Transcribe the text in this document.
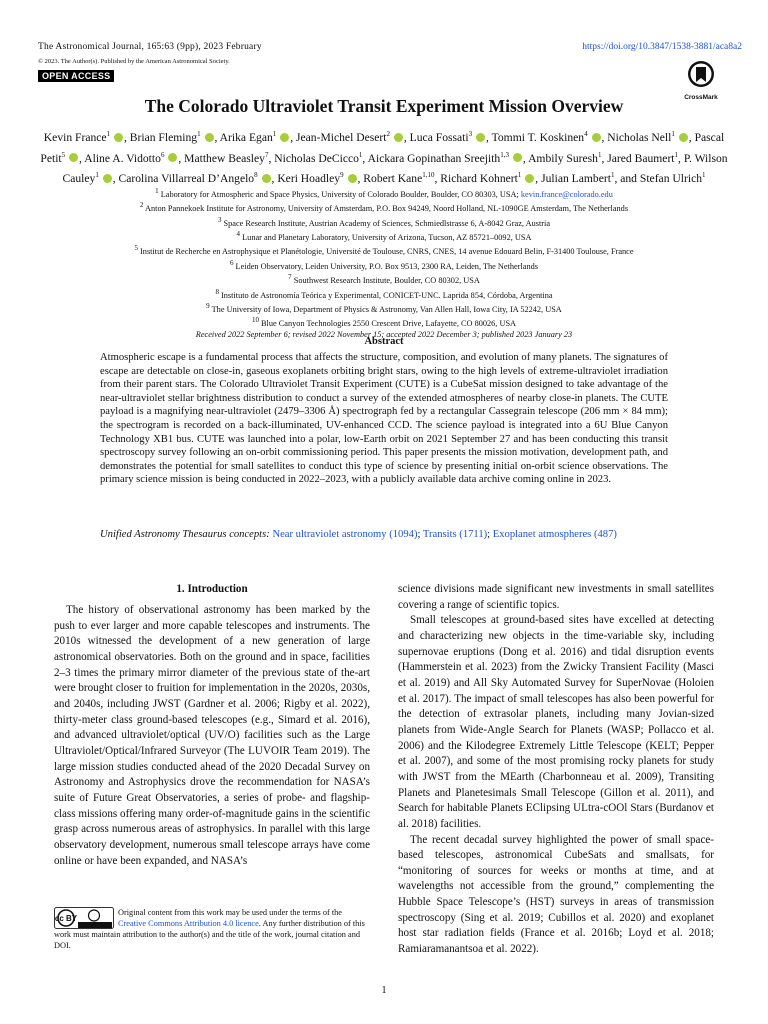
The Astronomical Journal, 165:63 (9pp), 2023 February
© 2023. The Author(s). Published by the American Astronomical Society.
https://doi.org/10.3847/1538-3881/aca8a2
OPEN ACCESS
CrossMark
The Colorado Ultraviolet Transit Experiment Mission Overview
Kevin France$^1$ , Brian Fleming$^1$ , Arika Egan$^1$ , Jean-Michel Desert$^2$ , Luca Fossati$^3$ , Tommi T. Koskinen$^4$ , Nicholas Nell$^1$ , Pascal Petit$^5$ , Aline A. Vidotto$^6$ , Matthew Beasley$^7$, Nicholas DeCicco$^1$, Aickara Gopinathan Sreejith$^{1,3}$ , Ambily Suresh$^1$, Jared Baumert$^1$, P. Wilson Cauley$^1$ , Carolina Villarreal D’Angelo$^8$ , Keri Hoadley$^9$ , Robert Kane$^{1,10}$, Richard Kohnert$^1$ , Julian Lambert$^1$, and Stefan Ulrich$^1$
$^1$ Laboratory for Atmospheric and Space Physics, University of Colorado Boulder, Boulder, CO 80303, USA; kevin.france@colorado.edu
$^2$ Anton Pannekoek Institute for Astronomy, University of Amsterdam, P.O. Box 94249, Noord Holland, NL-1090GE Amsterdam, The Netherlands
$^3$ Space Research Institute, Austrian Academy of Sciences, Schmiedlstrasse 6, A-8042 Graz, Austria
$^4$ Lunar and Planetary Laboratory, University of Arizona, Tucson, AZ 85721–0092, USA
$^5$ Institut de Recherche en Astrophysique et Planétologie, Université de Toulouse, CNRS, CNES, 14 avenue Edouard Belin, F-31400 Toulouse, France
$^6$ Leiden Observatory, Leiden University, P.O. Box 9513, 2300 RA, Leiden, The Netherlands
$^7$ Southwest Research Institute, Boulder, CO 80302, USA
$^8$ Instituto de Astronomía Teórica y Experimental, CONICET-UNC. Laprida 854, Córdoba, Argentina
$^9$ The University of Iowa, Department of Physics & Astronomy, Van Allen Hall, Iowa City, IA 52242, USA
$^{10}$ Blue Canyon Technologies 2550 Crescent Drive, Lafayette, CO 80026, USA
Received 2022 September 6; revised 2022 November 15; accepted 2022 December 3; published 2023 January 23
Abstract
Atmospheric escape is a fundamental process that affects the structure, composition, and evolution of many planets. The signatures of escape are detectable on close-in, gaseous exoplanets orbiting bright stars, owing to the high levels of extreme-ultraviolet irradiation from their parent stars. The Colorado Ultraviolet Transit Experiment (CUTE) is a CubeSat mission designed to take advantage of the near-ultraviolet stellar brightness distribution to conduct a survey of the extended atmospheres of nearby close-in planets. The CUTE payload is a magnifying near-ultraviolet (2479–3306 Å) spectrograph fed by a rectangular Cassegrain telescope (206 mm × 84 mm); the spectrogram is recorded on a back-illuminated, UV-enhanced CCD. The science payload is integrated into a 6U Blue Canyon Technology XB1 bus. CUTE was launched into a polar, low-Earth orbit on 2021 September 27 and has been conducting this transit spectroscopy survey following an on-orbit commissioning period. This paper presents the mission motivation, development path, and demonstrates the potential for small satellites to conduct this type of science by presenting initial on-orbit science observations. The primary science mission is being conducted in 2022–2023, with a publicly available data archive coming online in 2023.
Unified Astronomy Thesaurus concepts: Near ultraviolet astronomy (1094); Transits (1711); Exoplanet atmospheres (487)
1. Introduction

The history of observational astronomy has been marked by the push to ever larger and more capable telescopes and instruments. The 2010s witnessed the development of a new generation of large astronomical observatories. Both on the ground and in space, facilities 2–3 times the primary mirror diameter of the previous state of the-art were brought closer to fruition for implementation in the 2020s, 2030s, and 2040s, including JWST (Gardner et al. 2006; Rigby et al. 2022), thirty-meter class ground-based telescopes (e.g., Simard et al. 2016), and advanced ultraviolet/optical (UV/O) facilities such as the Large Ultraviolet/Optical/Infrared Surveyor (The LUVOIR Team 2019). The large mission studies conducted ahead of the 2020 Decadal Survey on Astronomy and Astrophysics drove the recommendation for NASA’s suite of Future Great Observatories, a series of probe- and flagship-class missions offering many order-of-magnitude gains in the scientific grasp across numerous areas of astrophysics. In parallel with this large observatory development, numerous small telescope arrays have come online or have been expanded, and NASA’s

science divisions made significant new investments in small satellites covering a range of scientific topics.

Small telescopes at ground-based sites have excelled at detecting and characterizing new objects in the time-variable sky, including supernovae eruptions (Dong et al. 2016) and tidal disruption events (Hammerstein et al. 2023) from the Zwicky Transient Facility (Masci et al. 2019) and All Sky Automated Survey for SuperNovae (Holoien et al. 2017). The impact of small telescopes has also been powerful for the detection of extrasolar planets, including many Jovian-sized planets from Wide-Angle Search for Planets (WASP; Pollacco et al. 2006) and the Kilodegree Extremely Little Telescope (KELT; Pepper et al. 2007), and some of the most promising rocky planets for study with JWST from the MEarth (Charbonneau et al. 2009), Transiting Planets and Planetesimals Small Telescope (Gillon et al. 2011), and Search for habitable Planets EClipsing ULtra-cOOl Stars (Burdanov et al. 2018) facilities.

The recent decadal survey highlighted the power of small space-based telescopes, astronomical CubeSats and smallsats, for “monitoring of sources for weeks or months at time, and at wavelengths not accessible from the ground,” complementing the Hubble Space Telescope’s (HST) surveys in areas of transmission spectroscopy (Sing et al. 2019; Cubillos et al. 2020) and exoplanet host star radiation fields (France et al. 2016b; Loyd et al. 2018; Ramiaramanantsoa et al. 2022).

cc BY
Original content from this work may be used under the terms of the Creative Commons Attribution 4.0 licence. Any further distribution of this work must maintain attribution to the author(s) and the title of the work, journal citation and DOI.
1
